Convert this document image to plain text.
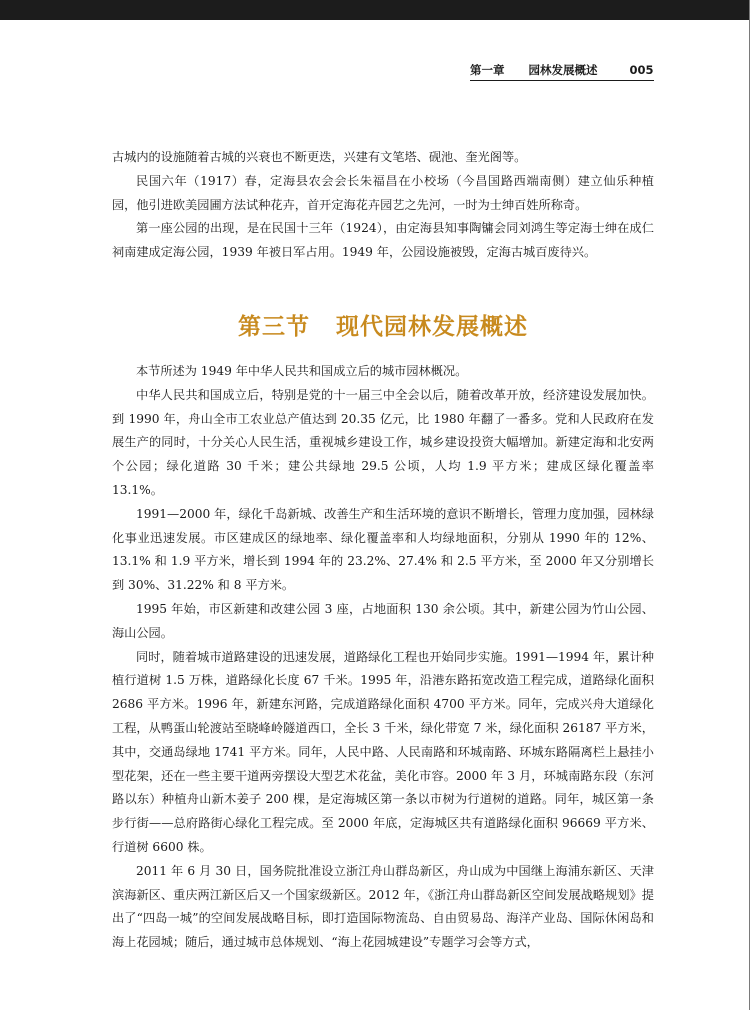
第一章 园林发展概述	005

古城内的设施随着古城的兴衰也不断更迭，兴建有文笔塔、砚池、奎光阁等。

民国六年（1917）春，定海县农会会长朱福昌在小校场（今昌国路西端南侧）建立仙乐种植园，他引进欧美园圃方法试种花卉，首开定海花卉园艺之先河，一时为士绅百姓所称奇。

第一座公园的出现，是在民国十三年（1924），由定海县知事陶镛会同刘鸿生等定海士绅在成仁祠南建成定海公园，1939 年被日军占用。1949 年，公园设施被毁，定海古城百废待兴。

第三节 现代园林发展概述

本节所述为 1949 年中华人民共和国成立后的城市园林概况。

中华人民共和国成立后，特别是党的十一届三中全会以后，随着改革开放，经济建设发展加快。到 1990 年，舟山全市工农业总产值达到 20.35 亿元，比 1980 年翻了一番多。党和人民政府在发展生产的同时，十分关心人民生活，重视城乡建设工作，城乡建设投资大幅增加。新建定海和北安两个公园；绿化道路 30 千米；建公共绿地 29.5 公顷，人均 1.9 平方米；建成区绿化覆盖率 13.1%。

1991—2000 年，绿化千岛新城、改善生产和生活环境的意识不断增长，管理力度加强，园林绿化事业迅速发展。市区建成区的绿地率、绿化覆盖率和人均绿地面积，分别从 1990 年的 12%、13.1% 和 1.9 平方米，增长到 1994 年的 23.2%、27.4% 和 2.5 平方米，至 2000 年又分别增长到 30%、31.22% 和 8 平方米。

1995 年始，市区新建和改建公园 3 座，占地面积 130 余公顷。其中，新建公园为竹山公园、海山公园。

同时，随着城市道路建设的迅速发展，道路绿化工程也开始同步实施。1991—1994 年，累计种植行道树 1.5 万株，道路绿化长度 67 千米。1995 年，沿港东路拓宽改造工程完成，道路绿化面积 2686 平方米。1996 年，新建东河路，完成道路绿化面积 4700 平方米。同年，完成兴舟大道绿化工程，从鸭蛋山轮渡站至晓峰岭隧道西口，全长 3 千米，绿化带宽 7 米，绿化面积 26187 平方米，其中，交通岛绿地 1741 平方米。同年，人民中路、人民南路和环城南路、环城东路隔离栏上悬挂小型花架，还在一些主要干道两旁摆设大型艺术花盆，美化市容。2000 年 3 月，环城南路东段（东河路以东）种植舟山新木姜子 200 棵，是定海城区第一条以市树为行道树的道路。同年，城区第一条步行街——总府路街心绿化工程完成。至 2000 年底，定海城区共有道路绿化面积 96669 平方米、行道树 6600 株。

2011 年 6 月 30 日，国务院批准设立浙江舟山群岛新区，舟山成为中国继上海浦东新区、天津滨海新区、重庆两江新区后又一个国家级新区。2012 年，《浙江舟山群岛新区空间发展战略规划》提出了“四岛一城”的空间发展战略目标，即打造国际物流岛、自由贸易岛、海洋产业岛、国际休闲岛和海上花园城；随后，通过城市总体规划、“海上花园城建设”专题学习会等方式，
